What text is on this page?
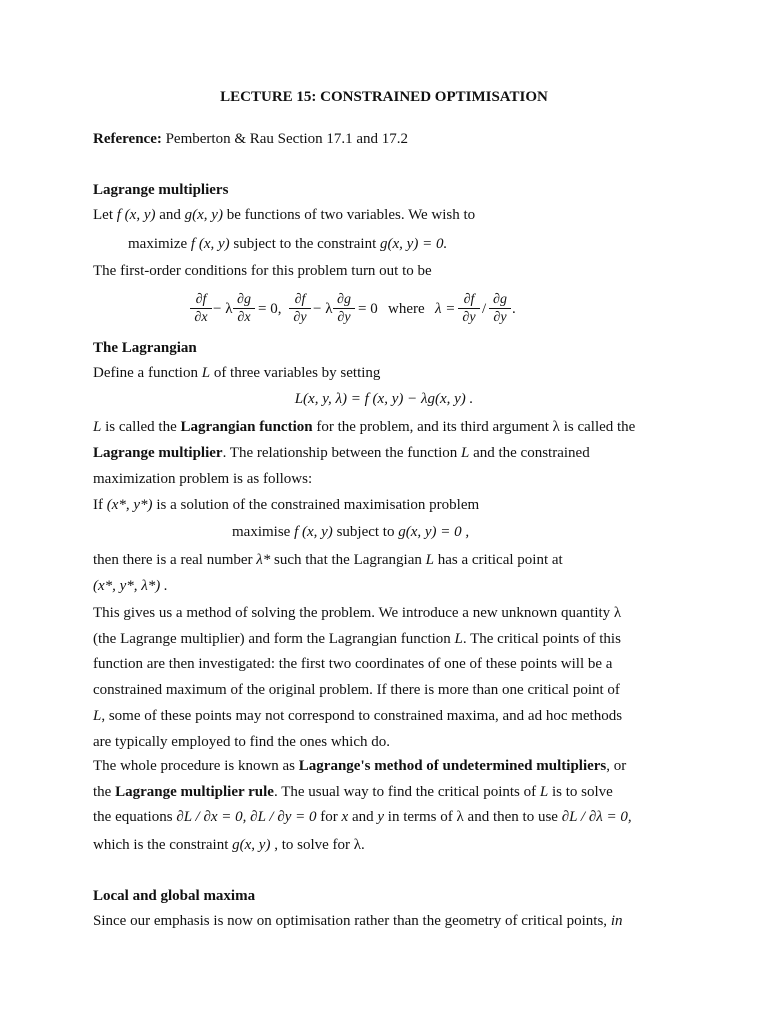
LECTURE 15: CONSTRAINED OPTIMISATION
Reference: Pemberton & Rau Section 17.1 and 17.2
Lagrange multipliers
Let f (x, y) and g(x, y) be functions of two variables. We wish to
maximize f (x, y) subject to the constraint g(x, y) = 0.
The first-order conditions for this problem turn out to be
$\frac{\partial f}{\partial x} - \lambda \frac{\partial g}{\partial x} = 0$, $\frac{\partial f}{\partial y} - \lambda \frac{\partial g}{\partial y} = 0$ where $\lambda = \frac{\partial f}{\partial y} / \frac{\partial g}{\partial y}$ .
The Lagrangian
Define a function L of three variables by setting
L(x, y, λ) = f (x, y) − λg(x, y) .
L is called the Lagrangian function for the problem, and its third argument λ is called the
Lagrange multiplier. The relationship between the function L and the constrained
maximization problem is as follows:
If (x*, y*) is a solution of the constrained maximisation problem
maximise f (x, y) subject to g(x, y) = 0 ,
then there is a real number λ* such that the Lagrangian L has a critical point at
(x*, y*, λ*) .
This gives us a method of solving the problem. We introduce a new unknown quantity λ
(the Lagrange multiplier) and form the Lagrangian function L. The critical points of this
function are then investigated: the first two coordinates of one of these points will be a
constrained maximum of the original problem. If there is more than one critical point of
L, some of these points may not correspond to constrained maxima, and ad hoc methods
are typically employed to find the ones which do.
The whole procedure is known as Lagrange's method of undetermined multipliers, or
the Lagrange multiplier rule. The usual way to find the critical points of L is to solve
the equations ∂L / ∂x = 0, ∂L / ∂y = 0 for x and y in terms of λ and then to use ∂L / ∂λ = 0,
which is the constraint g(x, y) , to solve for λ.
Local and global maxima
Since our emphasis is now on optimisation rather than the geometry of critical points, in
